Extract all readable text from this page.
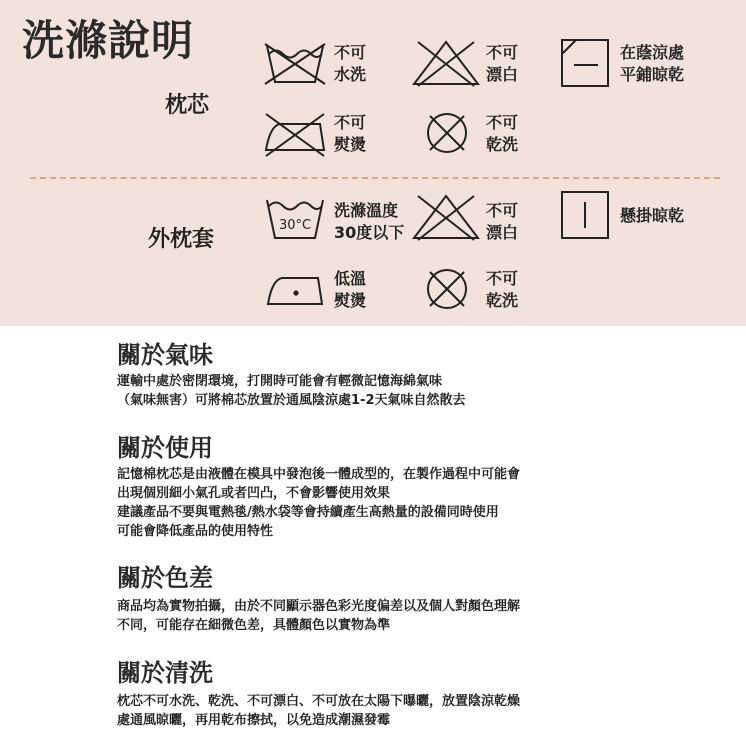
洗滌說明
枕芯
不可
水洗
不可
漂白
在蔭涼處
平鋪晾乾
不可
熨燙
不可
乾洗
外枕套
30°C
洗滌溫度
30度以下
不可
漂白
懸掛晾乾
低溫
熨燙
不可
乾洗
關於氣味
運輸中處於密閉環境，打開時可能會有輕微記憶海綿氣味
（氣味無害）可將棉芯放置於通風陰涼處1-2天氣味自然散去
關於使用
記憶棉枕芯是由液體在模具中發泡後一體成型的，在製作過程中可能會
出現個別細小氣孔或者凹凸，不會影響使用效果
建議產品不要與電熱毯/熱水袋等會持續產生高熱量的設備同時使用
可能會降低產品的使用特性
關於色差
商品均為實物拍攝，由於不同顯示器色彩光度偏差以及個人對顏色理解
不同，可能存在細微色差，具體顏色以實物為準
關於清洗
枕芯不可水洗、乾洗、不可漂白、不可放在太陽下曝曬，放置陰涼乾燥
處通風晾曬，再用乾布擦拭，以免造成潮濕發霉
